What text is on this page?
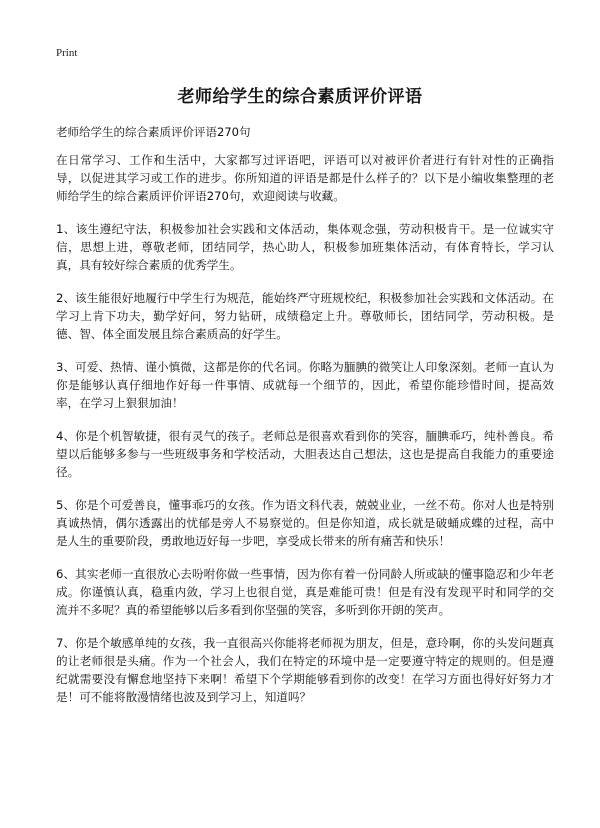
Print
老师给学生的综合素质评价评语

老师给学生的综合素质评价评语270句

在日常学习、工作和生活中，大家都写过评语吧，评语可以对被评价者进行有针对性的正确指导，以促进其学习或工作的进步。你所知道的评语是都是什么样子的？以下是小编收集整理的老师给学生的综合素质评价评语270句，欢迎阅读与收藏。

1、该生遵纪守法，积极参加社会实践和文体活动，集体观念强，劳动积极肯干。是一位诚实守信，思想上进，尊敬老师，团结同学，热心助人，积极参加班集体活动，有体育特长，学习认真，具有较好综合素质的优秀学生。

2、该生能很好地履行中学生行为规范，能始终严守班规校纪，积极参加社会实践和文体活动。在学习上肯下功夫，勤学好问，努力钻研，成绩稳定上升。尊敬师长，团结同学，劳动积极。是德、智、体全面发展且综合素质高的好学生。

3、可爱、热情、谨小慎微，这都是你的代名词。你略为腼腆的微笑让人印象深刻。老师一直认为你是能够认真仔细地作好每一件事情、成就每一个细节的，因此，希望你能珍惜时间，提高效率，在学习上狠狠加油！

4、你是个机智敏捷，很有灵气的孩子。老师总是很喜欢看到你的笑容，腼腆乖巧，纯朴善良。希望以后能够多参与一些班级事务和学校活动，大胆表达自己想法，这也是提高自我能力的重要途径。

5、你是个可爱善良，懂事乖巧的女孩。作为语文科代表，兢兢业业，一丝不苟。你对人也是特别真诚热情，偶尔透露出的忧郁是旁人不易察觉的。但是你知道，成长就是破蛹成蝶的过程，高中是人生的重要阶段，勇敢地迈好每一步吧，享受成长带来的所有痛苦和快乐！

6、其实老师一直很放心去吩咐你做一些事情，因为你有着一份同龄人所或缺的懂事隐忍和少年老成。你谨慎认真，稳重内敛，学习上也很自觉，真是难能可贵！但是有没有发现平时和同学的交流并不多呢？真的希望能够以后多看到你坚强的笑容，多听到你开朗的笑声。

7、你是个敏感单纯的女孩，我一直很高兴你能将老师视为朋友，但是，意玲啊，你的头发问题真的让老师很是头痛。作为一个社会人，我们在特定的环境中是一定要遵守特定的规则的。但是遵纪就需要没有懈怠地坚持下来啊！希望下个学期能够看到你的改变！在学习方面也得好好努力才是！可不能将散漫情绪也波及到学习上，知道吗？
